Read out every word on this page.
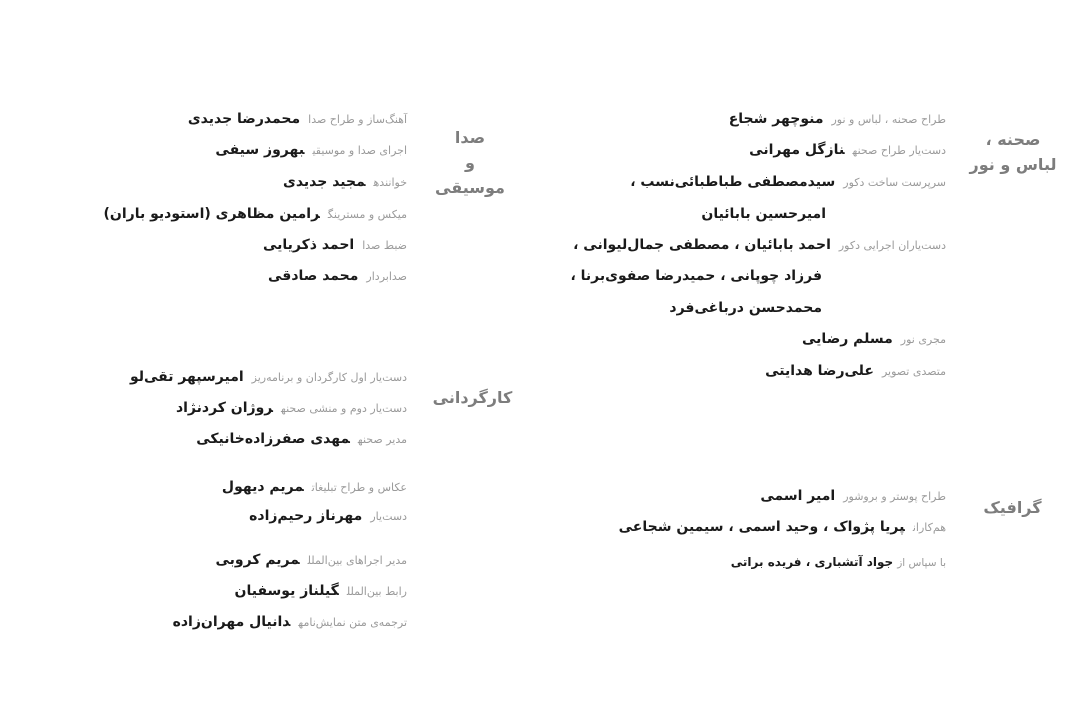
صحنه ،
لباس و نور
صدا
و
موسیقی
کارگردانی
گرافیک
طراح صحنه ، لباس و نورمنوچهر شجاع
دست‌یار طراح صحنهنازگل مهرانی
سرپرست ساخت دکورسیدمصطفی طباطبائی‌نسب ،
امیرحسین بابائیان
دست‌یاران اجرایی دکوراحمد بابائیان ، مصطفی جمال‌لیوانی ،
فرزاد چوپانی ، حمیدرضا صفوی‌برنا ،
محمدحسن درباغی‌فرد
مجری نورمسلم رضایی
متصدی تصویرعلی‌رضا هدایتی
آهنگ‌ساز و طراح صدامحمدرضا جدیدی
اجرای صدا و موسیقیبهروز سیفی
خوانندهمجید جدیدی
میکس و مسترینگرامین مظاهری (استودیو باران)
ضبط صدااحمد ذکریایی
صدابردارمحمد صادقی
دست‌یار اول کارگردان و برنامه‌ریزامیرسپهر تقی‌لو
دست‌یار دوم و منشی صحنهروژان کردنژاد
مدیر صحنهمهدی صفرزاده‌خانیکی
عکاس و طراح تبلیغاتمریم دیهول
دست‌یارمهرناز رحیم‌زاده
مدیر اجراهای بین‌المللمریم کروبی
رابط بین‌المللگیلناز یوسفیان
ترجمه‌ی متن نمایش‌نامهدانیال مهران‌زاده
طراح پوستر و بروشورامیر اسمی
هم‌کارانپریا پژواک ، وحید اسمی ، سیمین شجاعی
با سپاس ازجواد آتشباری ، فریده براتی
